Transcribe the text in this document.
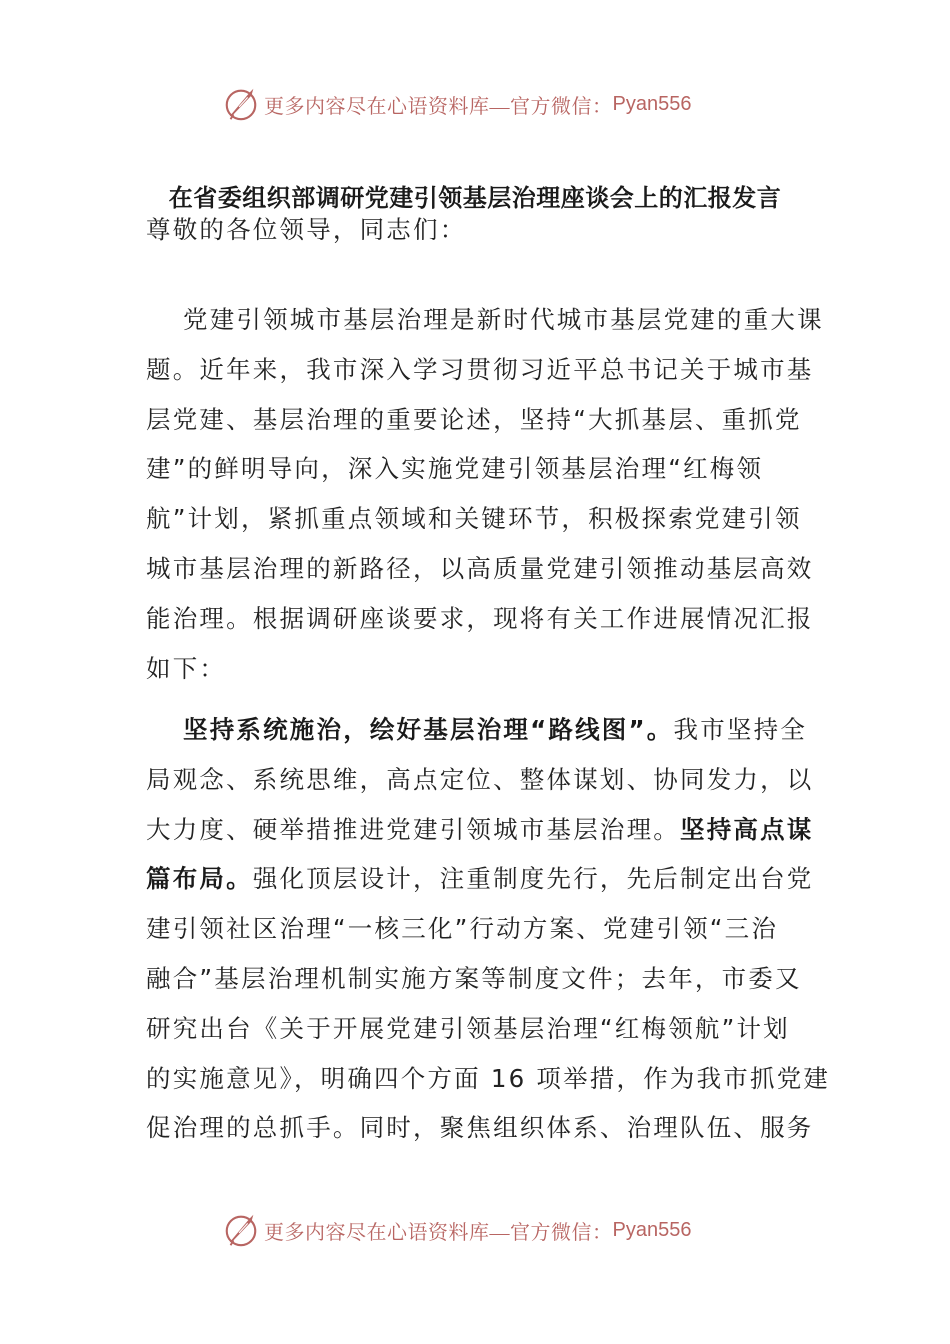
更多内容尽在心语资料库—官方微信： Pyan556
在省委组织部调研党建引领基层治理座谈会上的汇报发言
尊敬的各位领导，同志们：
党建引领城市基层治理是新时代城市基层党建的重大课
题。近年来，我市深入学习贯彻习近平总书记关于城市基
层党建、基层治理的重要论述，坚持“大抓基层、重抓党
建”的鲜明导向，深入实施党建引领基层治理“红梅领
航”计划，紧抓重点领域和关键环节，积极探索党建引领
城市基层治理的新路径，以高质量党建引领推动基层高效
能治理。根据调研座谈要求，现将有关工作进展情况汇报
如下：
坚持系统施治，绘好基层治理“路线图”。我市坚持全
局观念、系统思维，高点定位、整体谋划、协同发力，以
大力度、硬举措推进党建引领城市基层治理。坚持高点谋
篇布局。强化顶层设计，注重制度先行，先后制定出台党
建引领社区治理“一核三化”行动方案、党建引领“三治
融合”基层治理机制实施方案等制度文件；去年，市委又
研究出台《关于开展党建引领基层治理“红梅领航”计划
的实施意见》，明确四个方面 16 项举措，作为我市抓党建
促治理的总抓手。同时，聚焦组织体系、治理队伍、服务
更多内容尽在心语资料库—官方微信： Pyan556
